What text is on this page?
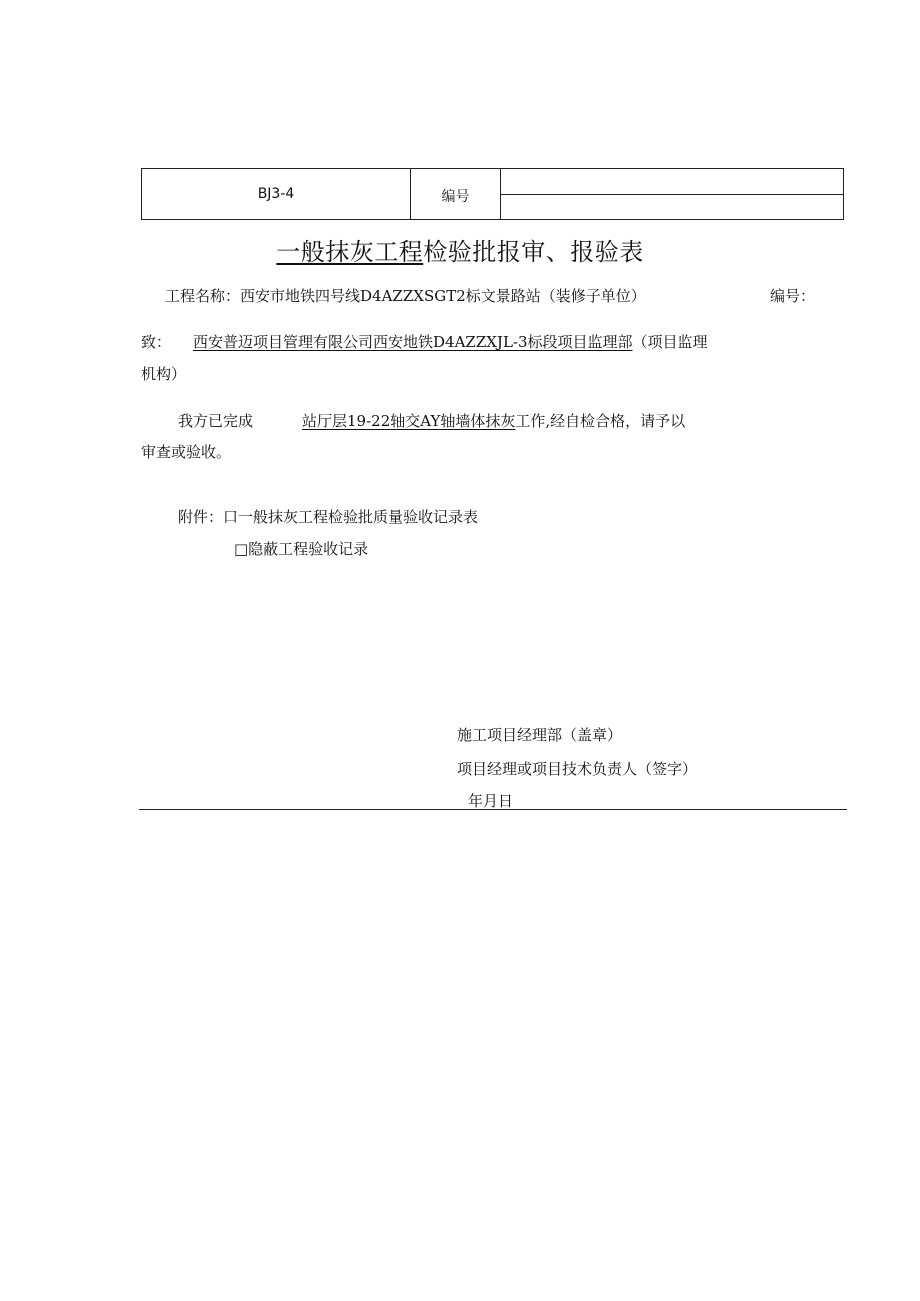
BJ3-4	编号
一般抹灰工程检验批报审、报验表
工程名称：西安市地铁四号线D4AZZXSGT2标文景路站（装修子单位）	编号：
致： 西安普迈项目管理有限公司西安地铁D4AZZXJL-3标段项目监理部（项目监理
机构）
我方已完成	站厅层19-22轴交AY轴墙体抹灰工作,经自检合格，请予以
审查或验收。
附件：口一般抹灰工程检验批质量验收记录表
□隐蔽工程验收记录
施工项目经理部（盖章）
项目经理或项目技术负责人（签字）
年月日
